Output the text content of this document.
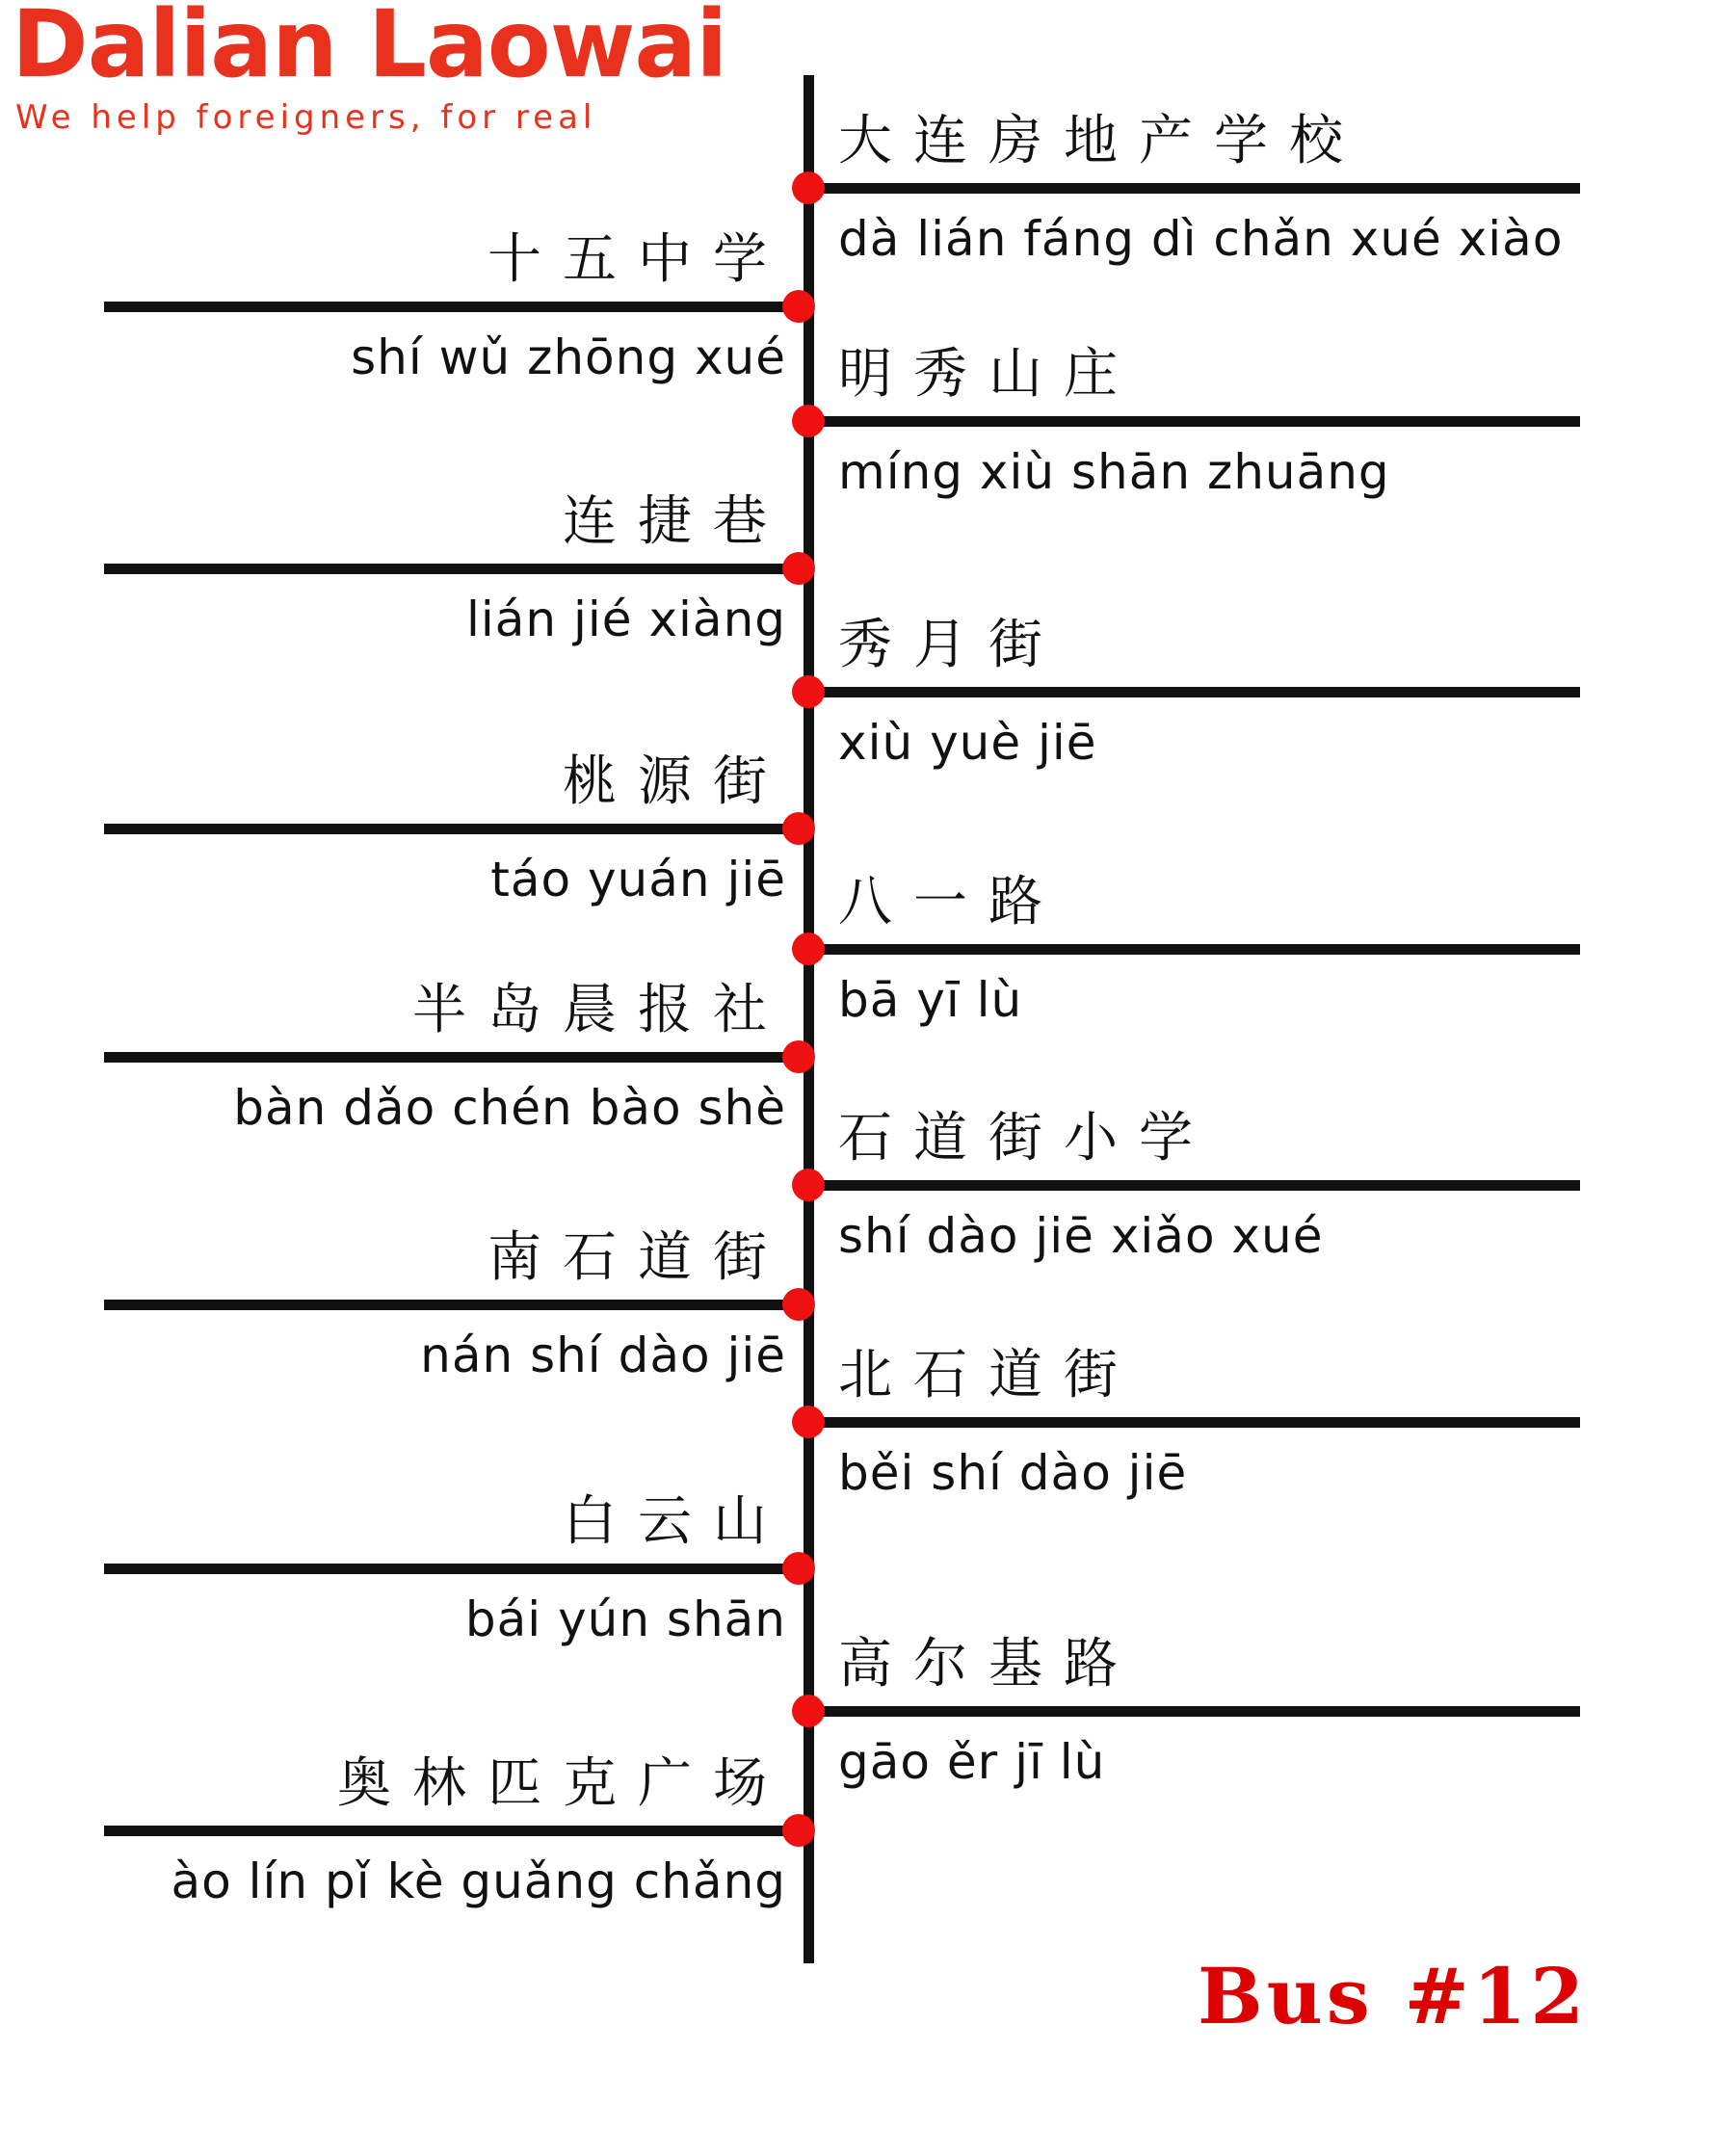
Dalian Laowai
We help foreigners, for real	大连房地产学校
dà lián fáng dì chǎn xué xiào
十五中学
shí wǔ zhōng xué 明秀山庄
míng xiù shān zhuāng
连捷巷
lián jié xiàng 秀月街
xiù yuè jiē
桃源街
táo yuán jiē 八一路
bā yī lù
半岛晨报社
bàn dǎo chén bào shè 石道街小学
shí dào jiē xiǎo xué
南石道街
nán shí dào jiē 北石道街
běi shí dào jiē
白云山
bái yún shān
高尔基路
gāo ěr jī lù
奥林匹克广场
ào lín pǐ kè guǎng chǎng
Bus #12
